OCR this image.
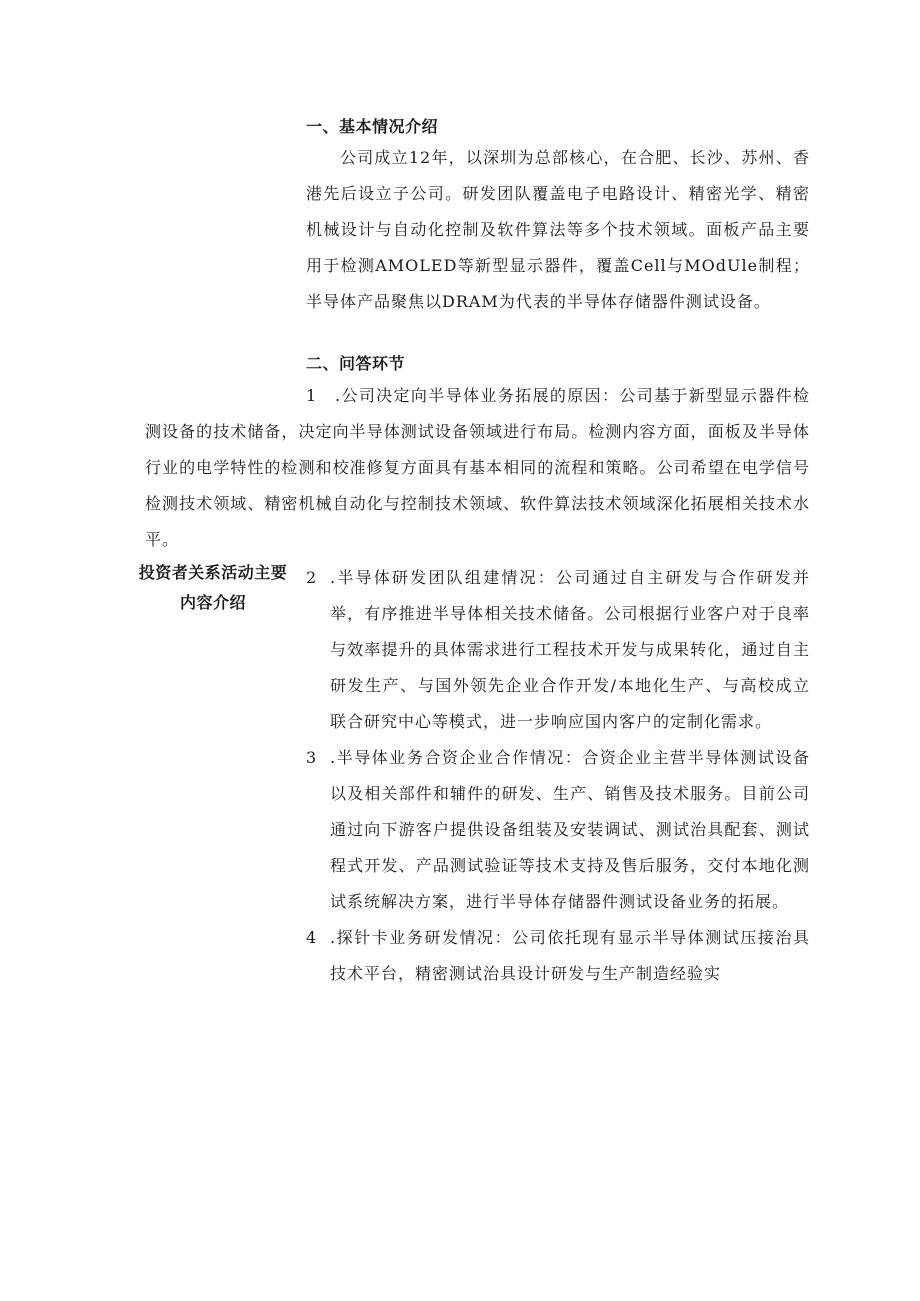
一、基本情况介绍
公司成立12年，以深圳为总部核心，在合肥、长沙、苏州、香港先后设立子公司。研发团队覆盖电子电路设计、精密光学、精密机械设计与自动化控制及软件算法等多个技术领域。面板产品主要用于检测AMOLED等新型显示器件，覆盖Cell与MOdUle制程；半导体产品聚焦以DRAM为代表的半导体存储器件测试设备。
二、问答环节
1	.公司决定向半导体业务拓展的原因：公司基于新型显示器件检测设备的技术储备，决定向半导体测试设备领域进行布局。检测内容方面，面板及半导体行业的电学特性的检测和校准修复方面具有基本相同的流程和策略。公司希望在电学信号检测技术领域、精密机械自动化与控制技术领域、软件算法技术领域深化拓展相关技术水平。
投资者关系活动主要
内容介绍
2 .半导体研发团队组建情况：公司通过自主研发与合作研发并举，有序推进半导体相关技术储备。公司根据行业客户对于良率与效率提升的具体需求进行工程技术开发与成果转化，通过自主研发生产、与国外领先企业合作开发/本地化生产、与高校成立联合研究中心等模式，进一步响应国内客户的定制化需求。
3 .半导体业务合资企业合作情况：合资企业主营半导体测试设备以及相关部件和辅件的研发、生产、销售及技术服务。目前公司通过向下游客户提供设备组装及安装调试、测试治具配套、测试程式开发、产品测试验证等技术支持及售后服务，交付本地化测试系统解决方案，进行半导体存储器件测试设备业务的拓展。
4 .探针卡业务研发情况：公司依托现有显示半导体测试压接治具技术平台，精密测试治具设计研发与生产制造经验实
